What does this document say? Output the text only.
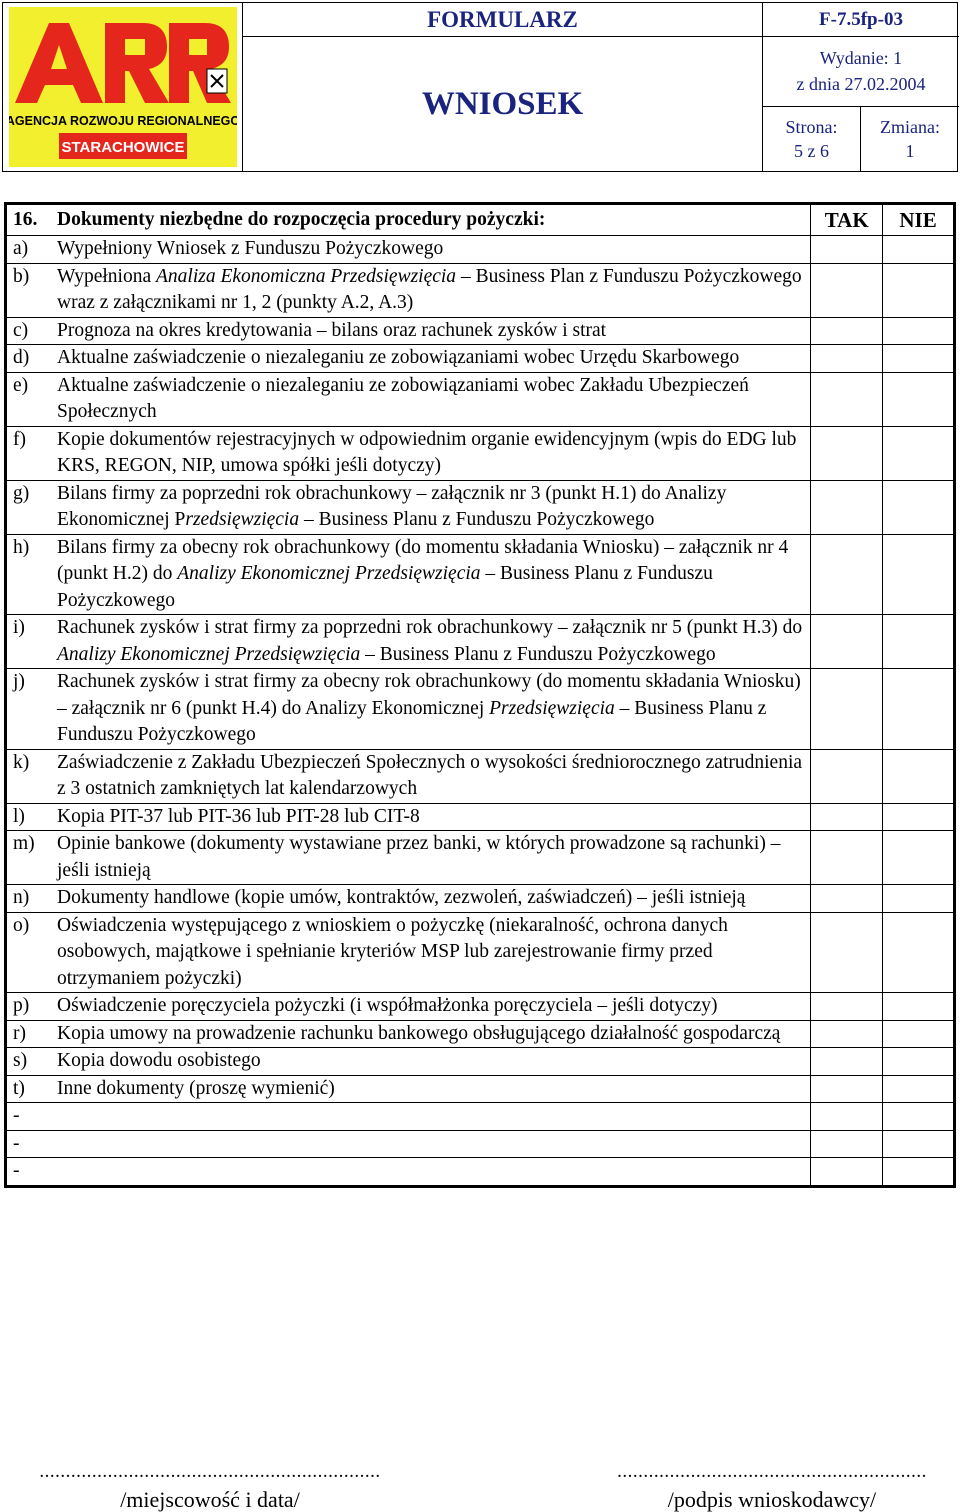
AGENCJA ROZWOJU REGIONALNEGO
STARACHOWICE
FORMULARZ
WNIOSEK
F-7.5fp-03
Wydanie: 1
z dnia 27.02.2004
Strona:
5 z 6
Zmiana:
1
16. Dokumenty niezbędne do rozpoczęcia procedury pożyczki:	TAK	NIE

a) Wypełniony Wniosek z Funduszu Pożyczkowego		

b) Wypełniona Analiza Ekonomiczna Przedsięwzięcia – Business Plan z Funduszu Pożyczkowego wraz z załącznikami nr 1, 2 (punkty A.2, A.3)		

c) Prognoza na okres kredytowania – bilans oraz rachunek zysków i strat		

d) Aktualne zaświadczenie o niezaleganiu ze zobowiązaniami wobec Urzędu Skarbowego		

e) Aktualne zaświadczenie o niezaleganiu ze zobowiązaniami wobec Zakładu Ubezpieczeń Społecznych		

f) Kopie dokumentów rejestracyjnych w odpowiednim organie ewidencyjnym (wpis do EDG lub KRS, REGON, NIP, umowa spółki jeśli dotyczy)		

g) Bilans firmy za poprzedni rok obrachunkowy – załącznik nr 3 (punkt H.1) do Analizy Ekonomicznej Przedsięwzięcia – Business Planu z Funduszu Pożyczkowego		

h) Bilans firmy za obecny rok obrachunkowy (do momentu składania Wniosku) – załącznik nr 4 (punkt H.2) do Analizy Ekonomicznej Przedsięwzięcia – Business Planu z Funduszu Pożyczkowego		

i) Rachunek zysków i strat firmy za poprzedni rok obrachunkowy – załącznik nr 5 (punkt H.3) do Analizy Ekonomicznej Przedsięwzięcia – Business Planu z Funduszu Pożyczkowego		

j) Rachunek zysków i strat firmy za obecny rok obrachunkowy (do momentu składania Wniosku) – załącznik nr 6 (punkt H.4) do Analizy Ekonomicznej Przedsięwzięcia – Business Planu z Funduszu Pożyczkowego		

k) Zaświadczenie z Zakładu Ubezpieczeń Społecznych o wysokości średniorocznego zatrudnienia z 3 ostatnich zamkniętych lat kalendarzowych		

l) Kopia PIT-37 lub PIT-36 lub PIT-28 lub CIT-8		

m) Opinie bankowe (dokumenty wystawiane przez banki, w których prowadzone są rachunki) – jeśli istnieją		

n) Dokumenty handlowe (kopie umów, kontraktów, zezwoleń, zaświadczeń) – jeśli istnieją		

o) Oświadczenia występującego z wnioskiem o pożyczkę (niekaralność, ochrona danych osobowych, majątkowe i spełnianie kryteriów MSP lub zarejestrowanie firmy przed otrzymaniem pożyczki)		

p) Oświadczenie poręczyciela pożyczki (i współmałżonka poręczyciela – jeśli dotyczy)		

r) Kopia umowy na prowadzenie rachunku bankowego obsługującego działalność gospodarczą		

s) Kopia dowodu osobistego		

t) Inne dokumenty (proszę wymienić)		

-		

-		

-		

.................................................................
/miejscowość i data/
...........................................................
/podpis wnioskodawcy/
